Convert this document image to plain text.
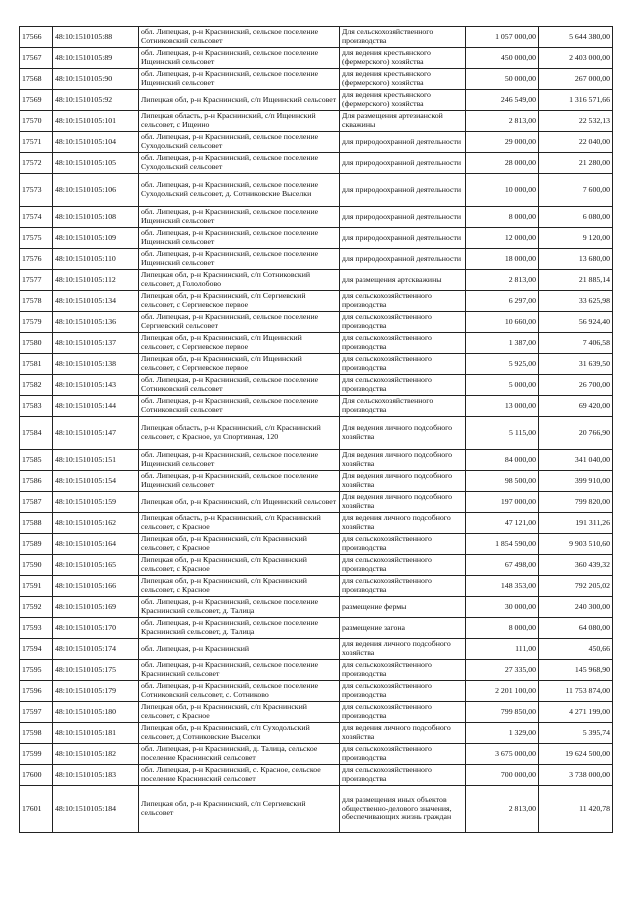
17566	48:10:1510105:88	обл. Липецкая, р-н Краснинский, сельское поселение Сотниковский сельсовет	Для сельскохозяйственного производства	1 057 000,00	5 644 380,00
17567	48:10:1510105:89	обл. Липецкая, р-н Краснинский, сельское поселение Ищеинский сельсовет	для ведения крестьянского (фермерского) хозяйства	450 000,00	2 403 000,00
17568	48:10:1510105:90	обл. Липецкая, р-н Краснинский, сельское поселение Ищеинский сельсовет	для ведения крестьянского (фермерского) хозяйства	50 000,00	267 000,00
17569	48:10:1510105:92	Липецкая обл, р-н Краснинский, с/п Ищеинский сельсовет	для ведения крестьянского (фермерского) хозяйства	246 549,00	1 316 571,66
17570	48:10:1510105:101	Липецкая область, р-н Краснинский, с/п Ищеинский сельсовет, с Ищеино	Для размещения артезианской скважины	2 813,00	22 532,13
17571	48:10:1510105:104	обл. Липецкая, р-н Краснинский, сельское поселение Суходольский сельсовет	для природоохранной деятельности	29 000,00	22 040,00
17572	48:10:1510105:105	обл. Липецкая, р-н Краснинский, сельское поселение Суходольский сельсовет	для природоохранной деятельности	28 000,00	21 280,00
17573	48:10:1510105:106	обл. Липецкая, р-н Краснинский, сельское поселение Суходольский сельсовет, д. Сотниковские Выселки	для природоохранной деятельности	10 000,00	7 600,00
17574	48:10:1510105:108	обл. Липецкая, р-н Краснинский, сельское поселение Ищеинский сельсовет	для природоохранной деятельности	8 000,00	6 080,00
17575	48:10:1510105:109	обл. Липецкая, р-н Краснинский, сельское поселение Ищеинский сельсовет	для природоохранной деятельности	12 000,00	9 120,00
17576	48:10:1510105:110	обл. Липецкая, р-н Краснинский, сельское поселение Ищеинский сельсовет	для природоохранной деятельности	18 000,00	13 680,00
17577	48:10:1510105:112	Липецкая обл, р-н Краснинский, с/п Сотниковский сельсовет, д Гололобово	для размещения артскважины	2 813,00	21 885,14
17578	48:10:1510105:134	Липецкая обл, р-н Краснинский, с/п Сергиевский сельсовет, с Сергиевское первое	для сельскохозяйственного производства	6 297,00	33 625,98
17579	48:10:1510105:136	обл. Липецкая, р-н Краснинский, сельское поселение Сергиевский сельсовет	для сельскохозяйственного производства	10 660,00	56 924,40
17580	48:10:1510105:137	Липецкая обл, р-н Краснинский, с/п Ищеинский сельсовет, с Сергиевское первое	для сельскохозяйственного производства	1 387,00	7 406,58
17581	48:10:1510105:138	Липецкая обл, р-н Краснинский, с/п Ищеинский сельсовет, с Сергиевское первое	для сельскохозяйственного производства	5 925,00	31 639,50
17582	48:10:1510105:143	обл. Липецкая, р-н Краснинский, сельское поселение Сотниковский сельсовет	для сельскохозяйственного производства	5 000,00	26 700,00
17583	48:10:1510105:144	обл. Липецкая, р-н Краснинский, сельское поселение Сотниковский сельсовет	Для сельскохозяйственного производства	13 000,00	69 420,00
17584	48:10:1510105:147	Липецкая область, р-н Краснинский, с/п Краснинский сельсовет, с Красное, ул Спортивная, 120	Для ведения личного подсобного хозяйства	5 115,00	20 766,90
17585	48:10:1510105:151	обл. Липецкая, р-н Краснинский, сельское поселение Ищеинский сельсовет	Для ведения личного подсобного хозяйства	84 000,00	341 040,00
17586	48:10:1510105:154	обл. Липецкая, р-н Краснинский, сельское поселение Ищеинский сельсовет	Для ведения личного подсобного хозяйства	98 500,00	399 910,00
17587	48:10:1510105:159	Липецкая обл, р-н Краснинский, с/п Ищеинский сельсовет	Для ведения личного подсобного хозяйства	197 000,00	799 820,00
17588	48:10:1510105:162	Липецкая область, р-н Краснинский, с/п Краснинский сельсовет, с Красное	для ведения личного подсобного хозяйства	47 121,00	191 311,26
17589	48:10:1510105:164	Липецкая обл, р-н Краснинский, с/п Краснинский сельсовет, с Красное	для сельскохозяйственного производства	1 854 590,00	9 903 510,60
17590	48:10:1510105:165	Липецкая обл, р-н Краснинский, с/п Краснинский сельсовет, с Красное	для сельскохозяйственного производства	67 498,00	360 439,32
17591	48:10:1510105:166	Липецкая обл, р-н Краснинский, с/п Краснинский сельсовет, с Красное	для сельскохозяйственного производства	148 353,00	792 205,02
17592	48:10:1510105:169	обл. Липецкая, р-н Краснинский, сельское поселение Краснинский сельсовет, д. Талица	размещение фермы	30 000,00	240 300,00
17593	48:10:1510105:170	обл. Липецкая, р-н Краснинский, сельское поселение Краснинский сельсовет, д. Талица	размещение загона	8 000,00	64 080,00
17594	48:10:1510105:174	обл. Липецкая, р-н Краснинский	для ведения личного подсобного хозяйства	111,00	450,66
17595	48:10:1510105:175	обл. Липецкая, р-н Краснинский, сельское поселение Краснинский сельсовет	для сельскохозяйственного производства	27 335,00	145 968,90
17596	48:10:1510105:179	обл. Липецкая, р-н Краснинский, сельское поселение Сотниковский сельсовет, с. Сотниково	для сельскохозяйственного производства	2 201 100,00	11 753 874,00
17597	48:10:1510105:180	Липецкая обл, р-н Краснинский, с/п Краснинский сельсовет, с Красное	для сельскохозяйственного производства	799 850,00	4 271 199,00
17598	48:10:1510105:181	Липецкая обл, р-н Краснинский, с/п Суходольский сельсовет, д Сотниковские Выселки	для ведения личного подсобного хозяйства	1 329,00	5 395,74
17599	48:10:1510105:182	обл. Липецкая, р-н Краснинский, д. Талица, сельское поселение Краснинский сельсовет	для сельскохозяйственного производства	3 675 000,00	19 624 500,00
17600	48:10:1510105:183	обл. Липецкая, р-н Краснинский, с. Красное, сельское поселение Краснинский сельсовет	для сельскохозяйственного производства	700 000,00	3 738 000,00
17601	48:10:1510105:184	Липецкая обл, р-н Краснинский, с/п Сергиевский сельсовет	для размещения иных объектов общественно-делового значения, обеспечивающих жизнь граждан	2 813,00	11 420,78
